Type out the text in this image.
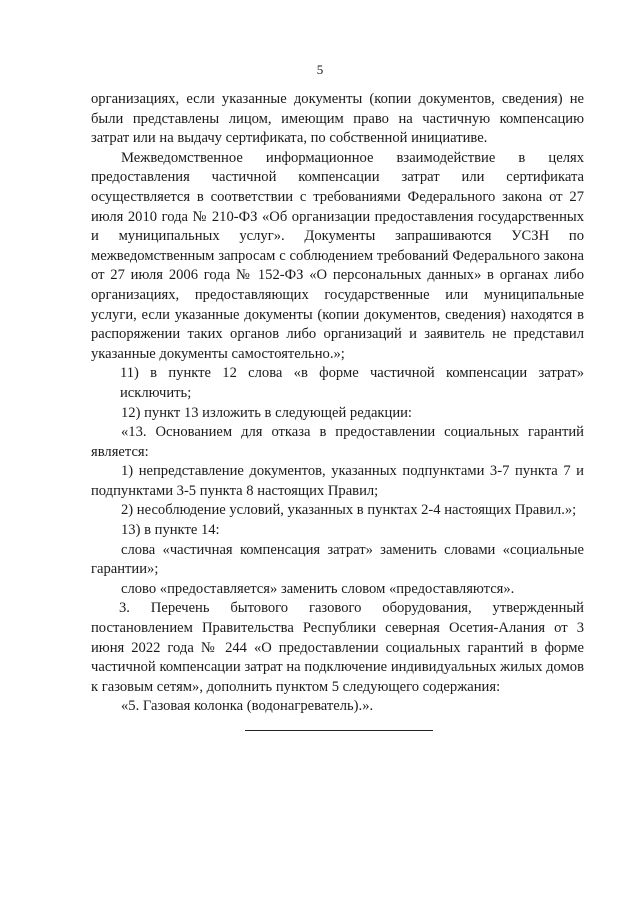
5

организациях, если указанные документы (копии документов, сведения) не были представлены лицом, имеющим право на частичную компенсацию затрат или на выдачу сертификата, по собственной инициативе.

Межведомственное информационное взаимодействие в целях предоставления частичной компенсации затрат или сертификата осуществляется в соответствии с требованиями Федерального закона от 27 июля 2010 года № 210-ФЗ «Об организации предоставления государственных и муниципальных услуг». Документы запрашиваются УСЗН по межведомственным запросам с соблюдением требований Федерального закона от 27 июля 2006 года № 152-ФЗ «О персональных данных» в органах либо организациях, предоставляющих государственные или муниципальные услуги, если указанные документы (копии документов, сведения) находятся в распоряжении таких органов либо организаций и заявитель не представил указанные документы самостоятельно.»;

11) в пункте 12 слова «в форме частичной компенсации затрат» исключить;

12) пункт 13 изложить в следующей редакции:

«13. Основанием для отказа в предоставлении социальных гарантий является:

1) непредставление документов, указанных подпунктами 3-7 пункта 7 и подпунктами 3-5 пункта 8 настоящих Правил;

2) несоблюдение условий, указанных в пунктах 2-4 настоящих Правил.»;

13) в пункте 14:

слова «частичная компенсация затрат» заменить словами «социальные гарантии»;

слово «предоставляется» заменить словом «предоставляются».

3. Перечень бытового газового оборудования, утвержденный постановлением Правительства Республики северная Осетия-Алания от 3 июня 2022 года № 244 «О предоставлении социальных гарантий в форме частичной компенсации затрат на подключение индивидуальных жилых домов к газовым сетям», дополнить пунктом 5 следующего содержания:

«5. Газовая колонка (водонагреватель).».
